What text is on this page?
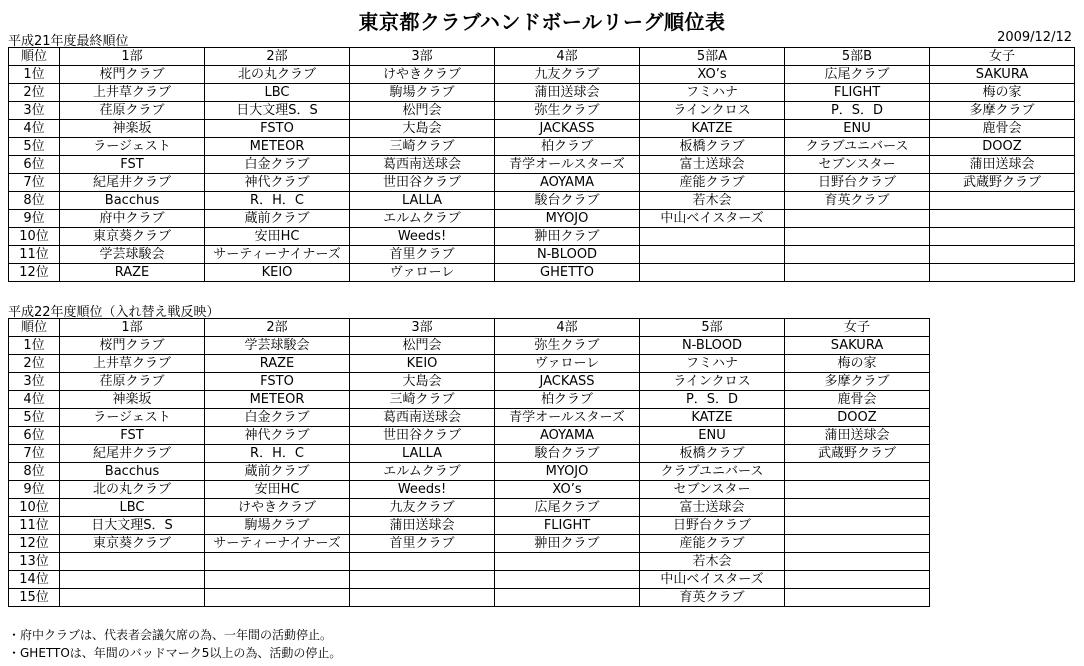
東京都クラブハンドボールリーグ順位表
平成21年度最終順位	2009/12/12
順位	1部	2部	3部	4部	5部A	5部B	女子
1位	桜門クラブ	北の丸クラブ	けやきクラブ	九友クラブ	XO’s	広尾クラブ	SAKURA
2位	上井草クラブ	LBC	駒場クラブ	蒲田送球会	フミハナ	FLIGHT	梅の家
3位	荏原クラブ	日大文理S．S	松門会	弥生クラブ	ラインクロス	P．S．D	多摩クラブ
4位	神楽坂	FSTO	大島会	JACKASS	KATZE	ENU	鹿骨会
5位	ラージェスト	METEOR	三崎クラブ	柏クラブ	板橋クラブ	クラブユニバース	DOOZ
6位	FST	白金クラブ	葛西南送球会	青学オールスターズ	富士送球会	セブンスター	蒲田送球会
7位	紀尾井クラブ	神代クラブ	世田谷クラブ	AOYAMA	産能クラブ	日野台クラブ	武蔵野クラブ
8位	Bacchus	R．H．C	LALLA	駿台クラブ	若木会	育英クラブ	
9位	府中クラブ	蔵前クラブ	エルムクラブ	MYOJO	中山ベイスターズ		
10位	東京葵クラブ	安田HC	Weeds!	翀田クラブ			
11位	学芸球駿会	サーティーナイナーズ	首里クラブ	N-BLOOD			
12位	RAZE	KEIO	ヴァローレ	GHETTO			
平成22年度順位（入れ替え戦反映）
順位	1部	2部	3部	4部	5部	女子
1位	桜門クラブ	学芸球駿会	松門会	弥生クラブ	N-BLOOD	SAKURA
2位	上井草クラブ	RAZE	KEIO	ヴァローレ	フミハナ	梅の家
3位	荏原クラブ	FSTO	大島会	JACKASS	ラインクロス	多摩クラブ
4位	神楽坂	METEOR	三崎クラブ	柏クラブ	P．S．D	鹿骨会
5位	ラージェスト	白金クラブ	葛西南送球会	青学オールスターズ	KATZE	DOOZ
6位	FST	神代クラブ	世田谷クラブ	AOYAMA	ENU	蒲田送球会
7位	紀尾井クラブ	R．H．C	LALLA	駿台クラブ	板橋クラブ	武蔵野クラブ
8位	Bacchus	蔵前クラブ	エルムクラブ	MYOJO	クラブユニバース	
9位	北の丸クラブ	安田HC	Weeds!	XO’s	セブンスター	
10位	LBC	けやきクラブ	九友クラブ	広尾クラブ	富士送球会	
11位	日大文理S．S	駒場クラブ	蒲田送球会	FLIGHT	日野台クラブ	
12位	東京葵クラブ	サーティーナイナーズ	首里クラブ	翀田クラブ	産能クラブ	
13位					若木会	
14位					中山ベイスターズ	
15位					育英クラブ	
・府中クラブは、代表者会議欠席の為、一年間の活動停止。
・GHETTOは、年間のバッドマーク5以上の為、活動の停止。
